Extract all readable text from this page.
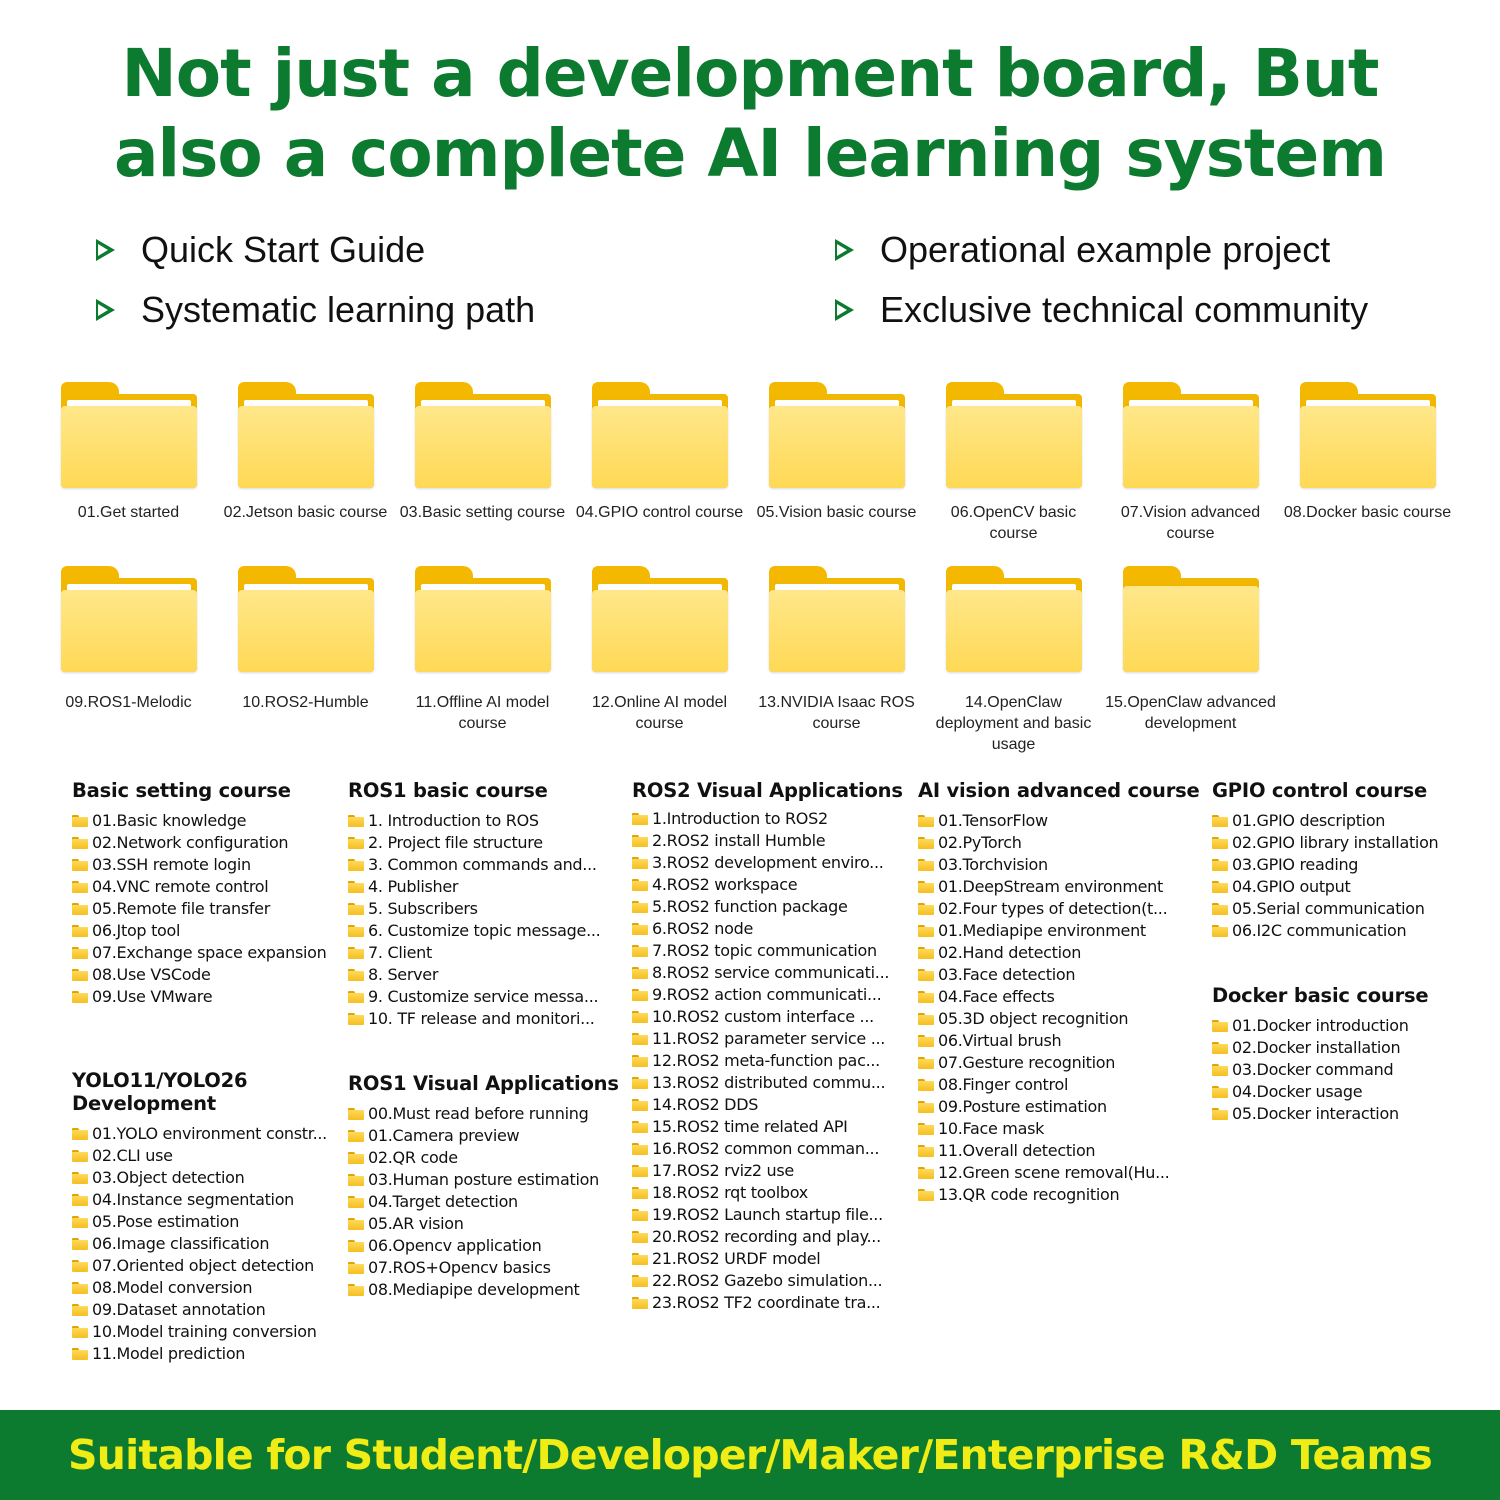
Not just a development board, But
also a complete AI learning system
Quick Start Guide
Systematic learning path
Operational example project
Exclusive technical community
01.Get started	02.Jetson basic course 03.Basic setting course 04.GPIO control course 05.Vision basic course	06.OpenCV basic course
07.Vision advanced course
08.Docker basic course
09.ROS1-Melodic	10.ROS2-Humble	11.Offline AI model course
12.Online AI model course
13.NVIDIA Isaac ROS course
14.OpenClaw deployment and basic usage
15.OpenClaw advanced development
Basic setting course
01.Basic knowledge
02.Network configuration
03.SSH remote login
04.VNC remote control
05.Remote file transfer
06.Jtop tool
07.Exchange space expansion
08.Use VSCode
09.Use VMware
YOLO11/YOLO26 Development
01.YOLO environment constr...
02.CLI use
03.Object detection
04.Instance segmentation
05.Pose estimation
06.Image classification
07.Oriented object detection
08.Model conversion
09.Dataset annotation
10.Model training conversion
11.Model prediction
ROS1 basic course
1. Introduction to ROS
2. Project file structure
3. Common commands and...
4. Publisher
5. Subscribers
6. Customize topic message...
7. Client
8. Server
9. Customize service messa...
10. TF release and monitori...
ROS1 Visual Applications
00.Must read before running
01.Camera preview
02.QR code
03.Human posture estimation
04.Target detection
05.AR vision
06.Opencv application
07.ROS+Opencv basics
08.Mediapipe development
ROS2 Visual Applications
1.Introduction to ROS2
2.ROS2 install Humble
3.ROS2 development enviro...
4.ROS2 workspace
5.ROS2 function package
6.ROS2 node
7.ROS2 topic communication
8.ROS2 service communicati...
9.ROS2 action communicati...
10.ROS2 custom interface ...
11.ROS2 parameter service ...
12.ROS2 meta-function pac...
13.ROS2 distributed commu...
14.ROS2 DDS
15.ROS2 time related API
16.ROS2 common comman...
17.ROS2 rviz2 use
18.ROS2 rqt toolbox
19.ROS2 Launch startup file...
20.ROS2 recording and play...
21.ROS2 URDF model
22.ROS2 Gazebo simulation...
23.ROS2 TF2 coordinate tra...
AI vision advanced course
01.TensorFlow
02.PyTorch
03.Torchvision
01.DeepStream environment
02.Four types of detection(t...
01.Mediapipe environment
02.Hand detection
03.Face detection
04.Face effects
05.3D object recognition
06.Virtual brush
07.Gesture recognition
08.Finger control
09.Posture estimation
10.Face mask
11.Overall detection
12.Green scene removal(Hu...
13.QR code recognition
GPIO control course
01.GPIO description
02.GPIO library installation
03.GPIO reading
04.GPIO output
05.Serial communication
06.I2C communication
Docker basic course
01.Docker introduction
02.Docker installation
03.Docker command
04.Docker usage
05.Docker interaction
Suitable for Student/Developer/Maker/Enterprise R&D Teams
